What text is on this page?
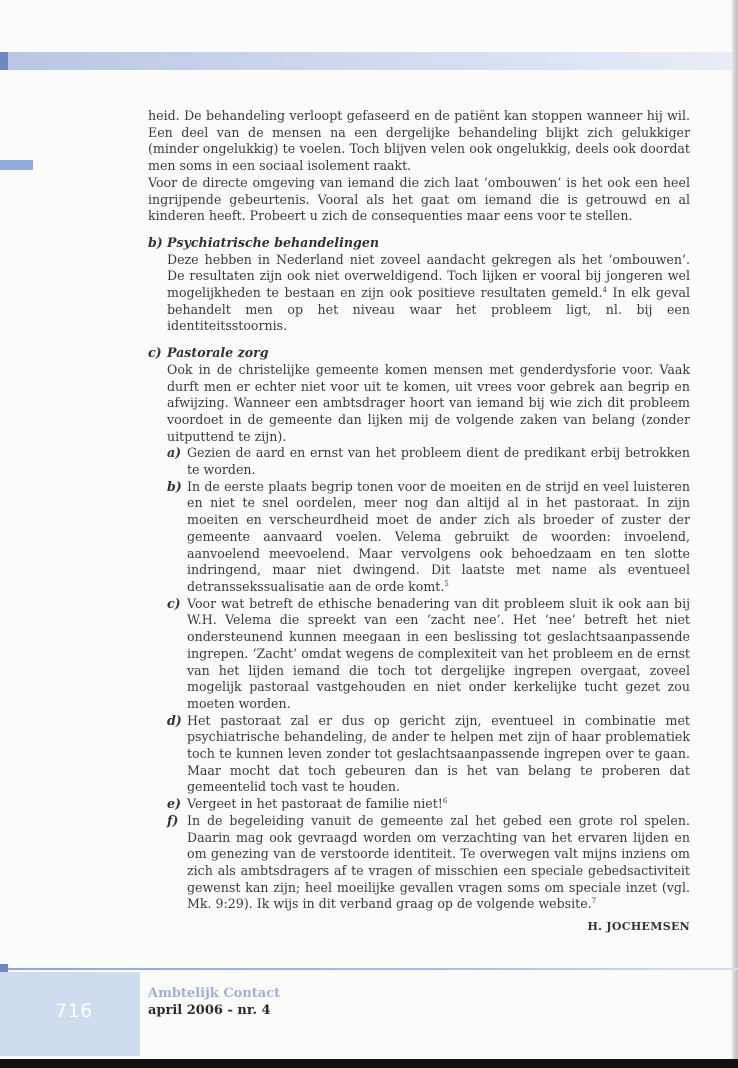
heid. De behandeling verloopt gefaseerd en de patiënt kan stoppen wanneer hij wil. Een deel van de mensen na een dergelijke behandeling blijkt zich gelukkiger (minder ongelukkig) te voelen. Toch blijven velen ook ongelukkig, deels ook doordat men soms in een sociaal isolement raakt.

Voor de directe omgeving van iemand die zich laat ‘ombouwen’ is het ook een heel ingrijpende gebeurtenis. Vooral als het gaat om iemand die is getrouwd en al kinderen heeft. Probeert u zich de consequenties maar eens voor te stellen.

b) Psychiatrische behandelingen

Deze hebben in Nederland niet zoveel aandacht gekregen als het ‘ombouwen’. De resultaten zijn ook niet overweldigend. Toch lijken er vooral bij jongeren wel mogelijkheden te bestaan en zijn ook positieve resultaten gemeld.$^4$ In elk geval behandelt men op het niveau waar het probleem ligt, nl. bij een identiteitsstoornis.

c) Pastorale zorg

Ook in de christelijke gemeente komen mensen met genderdysforie voor. Vaak durft men er echter niet voor uit te komen, uit vrees voor gebrek aan begrip en afwijzing. Wanneer een ambtsdrager hoort van iemand bij wie zich dit probleem voordoet in de gemeente dan lijken mij de volgende zaken van belang (zonder uitputtend te zijn).

a) Gezien de aard en ernst van het probleem dient de predikant erbij betrokken te worden.

b) In de eerste plaats begrip tonen voor de moeiten en de strijd en veel luisteren en niet te snel oordelen, meer nog dan altijd al in het pastoraat. In zijn moeiten en verscheurdheid moet de ander zich als broeder of zuster der gemeente aanvaard voelen. Velema gebruikt de woorden: invoelend, aanvoelend meevoelend. Maar vervolgens ook behoedzaam en ten slotte indringend, maar niet dwingend. Dit laatste met name als eventueel detranssekssualisatie aan de orde komt.$^5$

c) Voor wat betreft de ethische benadering van dit probleem sluit ik ook aan bij W.H. Velema die spreekt van een ‘zacht nee’. Het ‘nee’ betreft het niet ondersteunend kunnen meegaan in een beslissing tot geslachtsaanpassende ingrepen. ‘Zacht’ omdat wegens de complexiteit van het probleem en de ernst van het lijden iemand die toch tot dergelijke ingrepen overgaat, zoveel mogelijk pastoraal vastgehouden en niet onder kerkelijke tucht gezet zou moeten worden.

d) Het pastoraat zal er dus op gericht zijn, eventueel in combinatie met psychiatrische behandeling, de ander te helpen met zijn of haar problematiek toch te kunnen leven zonder tot geslachtsaanpassende ingrepen over te gaan. Maar mocht dat toch gebeuren dan is het van belang te proberen dat gemeentelid toch vast te houden.

e) Vergeet in het pastoraat de familie niet!$^6$

f) In de begeleiding vanuit de gemeente zal het gebed een grote rol spelen. Daarin mag ook gevraagd worden om verzachting van het ervaren lijden en om genezing van de verstoorde identiteit. Te overwegen valt mijns inziens om zich als ambtsdragers af te vragen of misschien een speciale gebedsactiviteit gewenst kan zijn; heel moeilijke gevallen vragen soms om speciale inzet (vgl. Mk. 9:29). Ik wijs in dit verband graag op de volgende website.$^7$

H. JOCHEMSEN
716
Ambtelijk Contact
april 2006 - nr. 4
